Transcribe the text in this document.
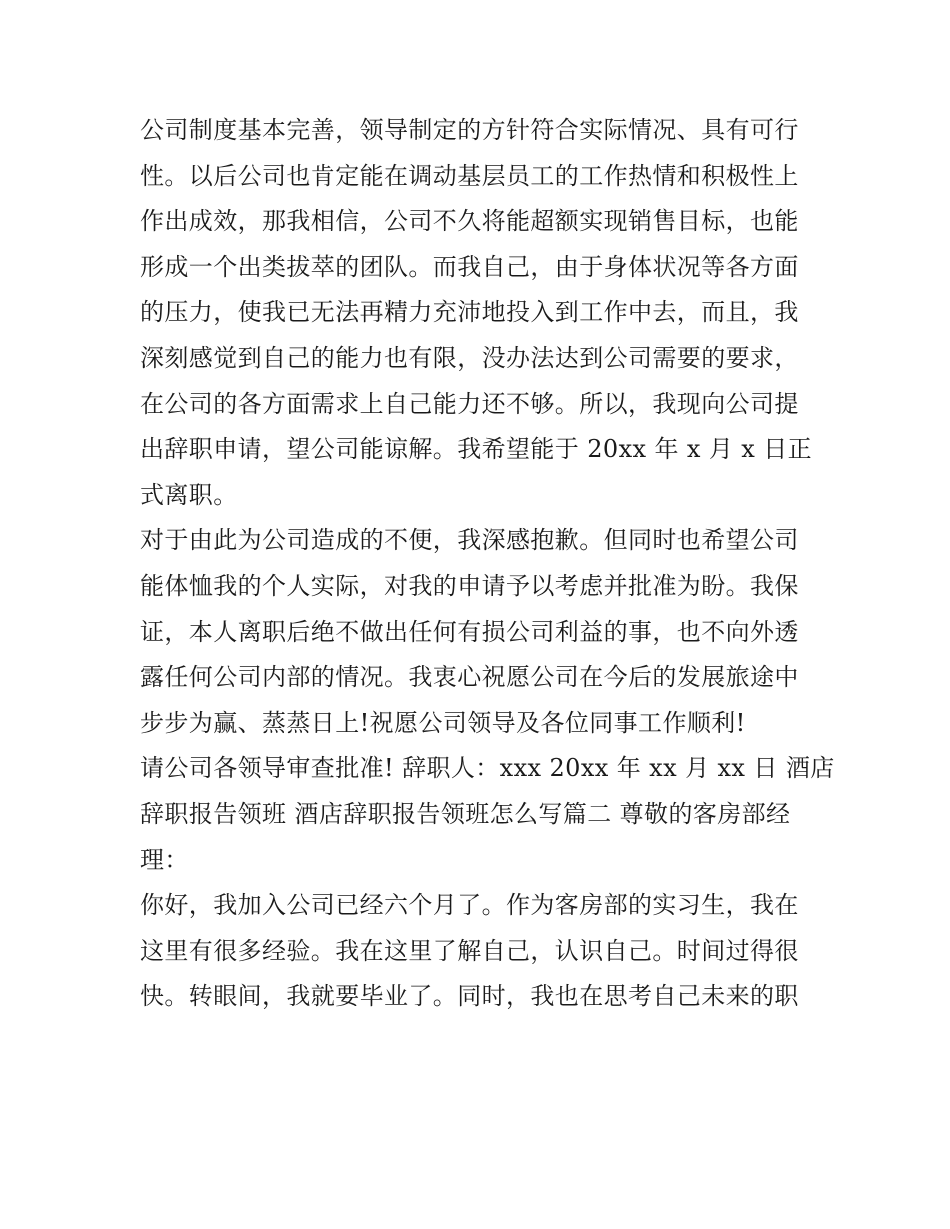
公司制度基本完善，领导制定的方针符合实际情况、具有可行
性。以后公司也肯定能在调动基层员工的工作热情和积极性上
作出成效，那我相信，公司不久将能超额实现销售目标，也能
形成一个出类拔萃的团队。而我自己，由于身体状况等各方面
的压力，使我已无法再精力充沛地投入到工作中去，而且，我
深刻感觉到自己的能力也有限，没办法达到公司需要的要求，
在公司的各方面需求上自己能力还不够。所以，我现向公司提
出辞职申请，望公司能谅解。我希望能于 20xx 年 x 月 x 日正
式离职。
对于由此为公司造成的不便，我深感抱歉。但同时也希望公司
能体恤我的个人实际，对我的申请予以考虑并批准为盼。我保
证，本人离职后绝不做出任何有损公司利益的事，也不向外透
露任何公司内部的情况。我衷心祝愿公司在今后的发展旅途中
步步为赢、蒸蒸日上!祝愿公司领导及各位同事工作顺利!
请公司各领导审查批准! 辞职人：xxx 20xx 年 xx 月 xx 日 酒店
辞职报告领班 酒店辞职报告领班怎么写篇二 尊敬的客房部经
理：
你好，我加入公司已经六个月了。作为客房部的实习生，我在
这里有很多经验。我在这里了解自己，认识自己。时间过得很
快。转眼间，我就要毕业了。同时，我也在思考自己未来的职
